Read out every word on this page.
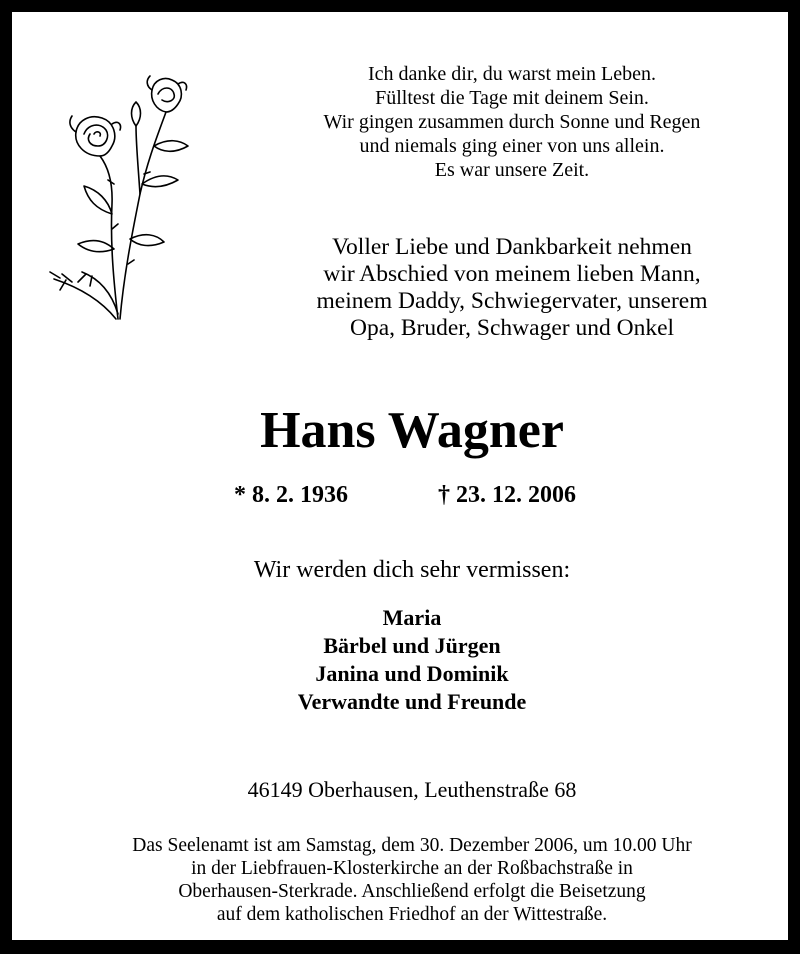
Ich danke dir, du warst mein Leben.
Fülltest die Tage mit deinem Sein.
Wir gingen zusammen durch Sonne und Regen
und niemals ging einer von uns allein.
Es war unsere Zeit.
Voller Liebe und Dankbarkeit nehmen
wir Abschied von meinem lieben Mann,
meinem Daddy, Schwiegervater, unserem
Opa, Bruder, Schwager und Onkel
Hans Wagner
* 8. 2. 1936	† 23. 12. 2006
Wir werden dich sehr vermissen:
Maria
Bärbel und Jürgen
Janina und Dominik
Verwandte und Freunde
46149 Oberhausen, Leuthenstraße 68
Das Seelenamt ist am Samstag, dem 30. Dezember 2006, um 10.00 Uhr
in der Liebfrauen-Klosterkirche an der Roßbachstraße in
Oberhausen-Sterkrade. Anschließend erfolgt die Beisetzung
auf dem katholischen Friedhof an der Wittestraße.
